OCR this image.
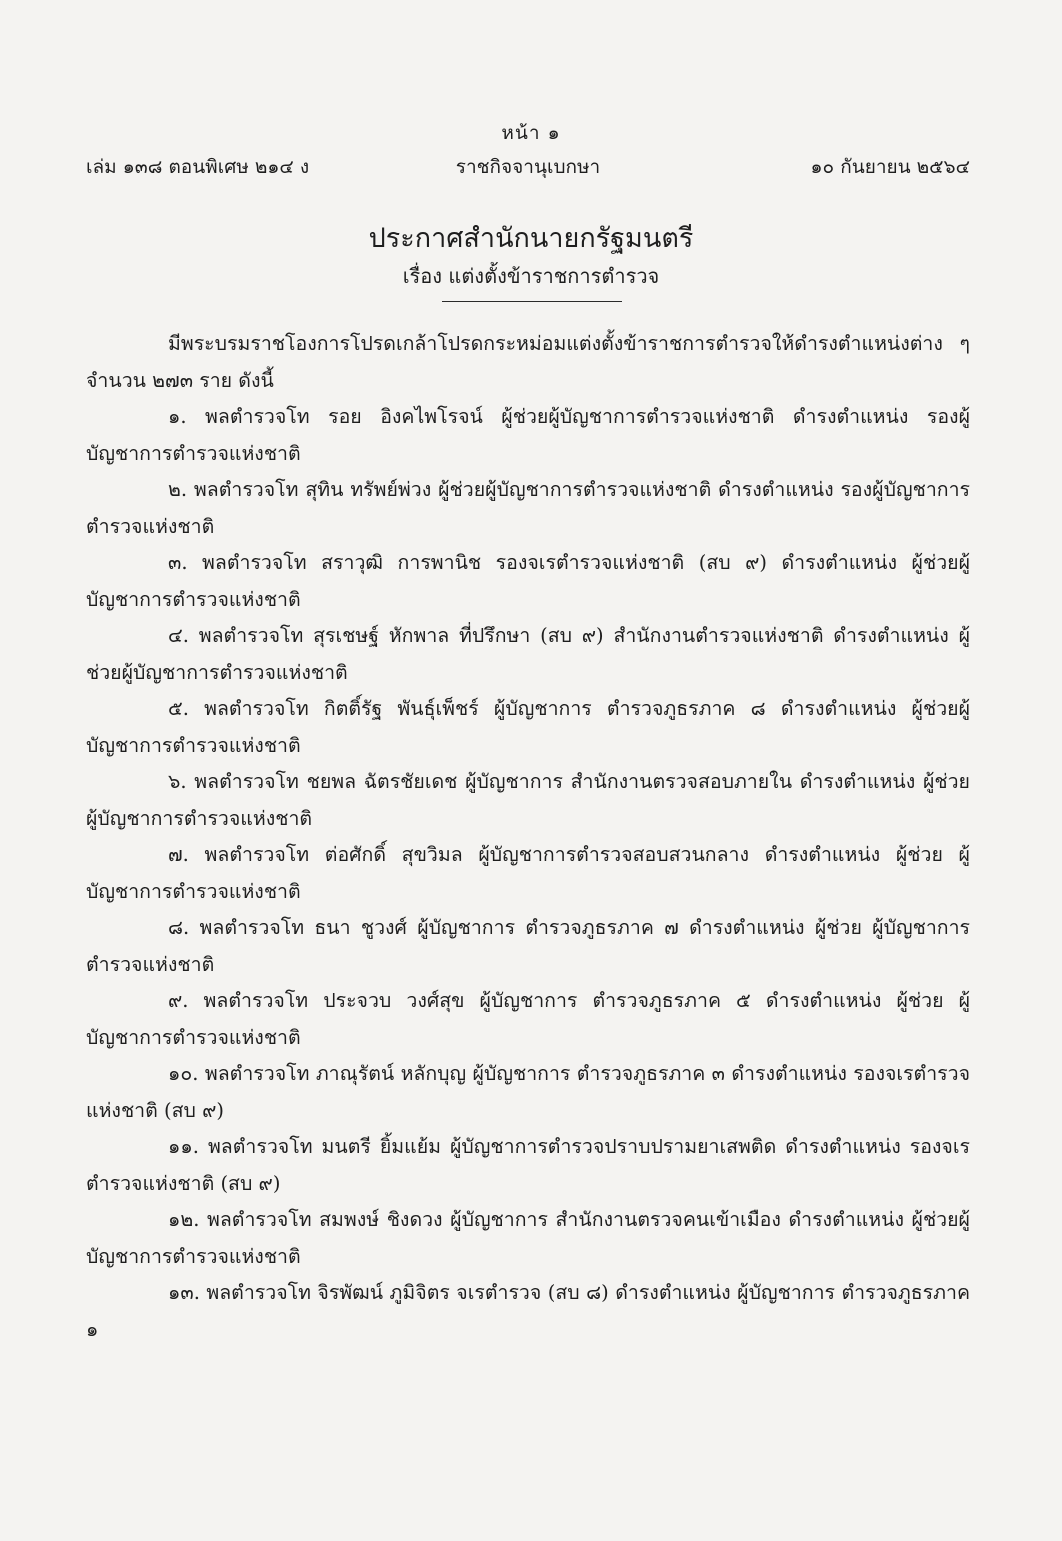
หน้า ๑
เล่ม ๑๓๘ ตอนพิเศษ ๒๑๔ ง	ราชกิจจานุเบกษา	๑๐ กันยายน ๒๕๖๔
ประกาศสำนักนายกรัฐมนตรี
เรื่อง แต่งตั้งข้าราชการตำรวจ

มีพระบรมราชโองการโปรดเกล้าโปรดกระหม่อมแต่งตั้งข้าราชการตำรวจให้ดำรงตำแหน่งต่าง ๆ จำนวน ๒๗๓ ราย ดังนี้

๑. พลตำรวจโท รอย อิงคไพโรจน์ ผู้ช่วยผู้บัญชาการตำรวจแห่งชาติ ดำรงตำแหน่ง รองผู้บัญชาการตำรวจแห่งชาติ

๒. พลตำรวจโท สุทิน ทรัพย์พ่วง ผู้ช่วยผู้บัญชาการตำรวจแห่งชาติ ดำรงตำแหน่ง รองผู้บัญชาการตำรวจแห่งชาติ

๓. พลตำรวจโท สราวุฒิ การพานิช รองจเรตำรวจแห่งชาติ (สบ ๙) ดำรงตำแหน่ง ผู้ช่วยผู้บัญชาการตำรวจแห่งชาติ

๔. พลตำรวจโท สุรเชษฐ์ หักพาล ที่ปรึกษา (สบ ๙) สำนักงานตำรวจแห่งชาติ ดำรงตำแหน่ง ผู้ช่วยผู้บัญชาการตำรวจแห่งชาติ

๕. พลตำรวจโท กิตติ์รัฐ พันธุ์เพ็ชร์ ผู้บัญชาการ ตำรวจภูธรภาค ๘ ดำรงตำแหน่ง ผู้ช่วยผู้บัญชาการตำรวจแห่งชาติ

๖. พลตำรวจโท ชยพล ฉัตรชัยเดช ผู้บัญชาการ สำนักงานตรวจสอบภายใน ดำรงตำแหน่ง ผู้ช่วยผู้บัญชาการตำรวจแห่งชาติ

๗. พลตำรวจโท ต่อศักดิ์ สุขวิมล ผู้บัญชาการตำรวจสอบสวนกลาง ดำรงตำแหน่ง ผู้ช่วย ผู้บัญชาการตำรวจแห่งชาติ

๘. พลตำรวจโท ธนา ชูวงศ์ ผู้บัญชาการ ตำรวจภูธรภาค ๗ ดำรงตำแหน่ง ผู้ช่วย ผู้บัญชาการตำรวจแห่งชาติ

๙. พลตำรวจโท ประจวบ วงศ์สุข ผู้บัญชาการ ตำรวจภูธรภาค ๕ ดำรงตำแหน่ง ผู้ช่วย ผู้บัญชาการตำรวจแห่งชาติ

๑๐. พลตำรวจโท ภาณุรัตน์ หลักบุญ ผู้บัญชาการ ตำรวจภูธรภาค ๓ ดำรงตำแหน่ง รองจเรตำรวจแห่งชาติ (สบ ๙)

๑๑. พลตำรวจโท มนตรี ยิ้มแย้ม ผู้บัญชาการตำรวจปราบปรามยาเสพติด ดำรงตำแหน่ง รองจเรตำรวจแห่งชาติ (สบ ๙)

๑๒. พลตำรวจโท สมพงษ์ ชิงดวง ผู้บัญชาการ สำนักงานตรวจคนเข้าเมือง ดำรงตำแหน่ง ผู้ช่วยผู้บัญชาการตำรวจแห่งชาติ

๑๓. พลตำรวจโท จิรพัฒน์ ภูมิจิตร จเรตำรวจ (สบ ๘) ดำรงตำแหน่ง ผู้บัญชาการ ตำรวจภูธรภาค ๑
